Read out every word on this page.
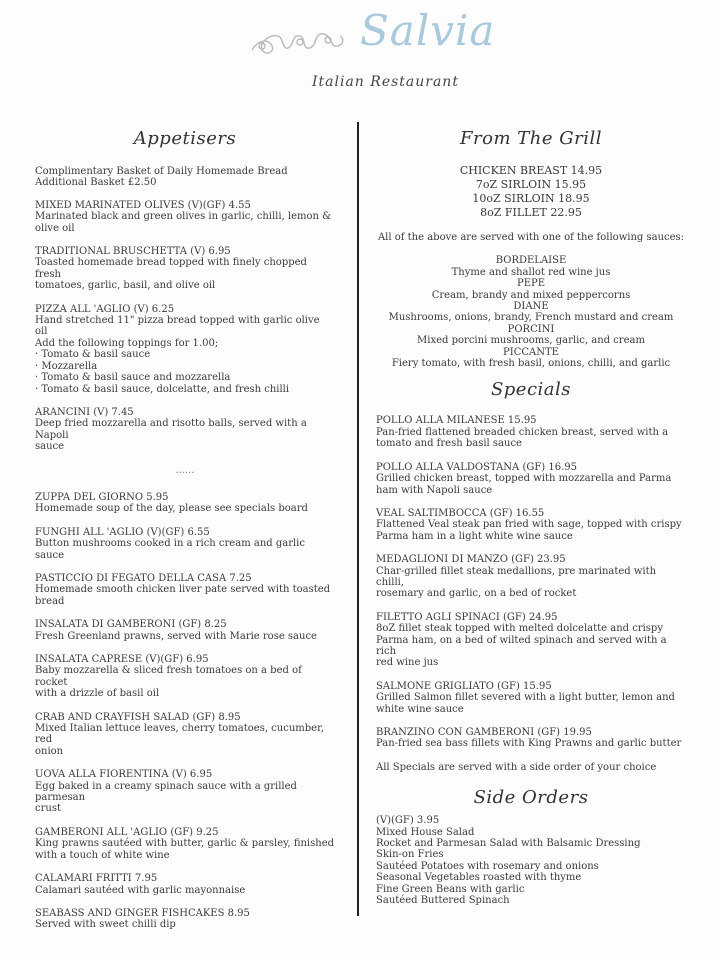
Salvia
Italian Restaurant
Appetisers
Complimentary Basket of Daily Homemade Bread
Additional Basket £2.50
MIXED MARINATED OLIVES (V)(GF) 4.55
Marinated black and green olives in garlic, chilli, lemon &
olive oil
TRADITIONAL BRUSCHETTA (V) 6.95
Toasted homemade bread topped with finely chopped fresh
tomatoes, garlic, basil, and olive oil
PIZZA ALL 'AGLIO (V) 6.25
Hand stretched 11" pizza bread topped with garlic olive oil
Add the following toppings for 1.00;
· Tomato & basil sauce
· Mozzarella
· Tomato & basil sauce and mozzarella
· Tomato & basil sauce, dolcelatte, and fresh chilli
ARANCINI (V) 7.45
Deep fried mozzarella and risotto balls, served with a Napoli
sauce
......
ZUPPA DEL GIORNO 5.95
Homemade soup of the day, please see specials board
FUNGHI ALL 'AGLIO (V)(GF) 6.55
Button mushrooms cooked in a rich cream and garlic sauce
PASTICCIO DI FEGATO DELLA CASA 7.25
Homemade smooth chicken liver pate served with toasted
bread
INSALATA DI GAMBERONI (GF) 8.25
Fresh Greenland prawns, served with Marie rose sauce
INSALATA CAPRESE (V)(GF) 6.95
Baby mozzarella & sliced fresh tomatoes on a bed of rocket
with a drizzle of basil oil
CRAB AND CRAYFISH SALAD (GF) 8.95
Mixed Italian lettuce leaves, cherry tomatoes, cucumber, red
onion
UOVA ALLA FIORENTINA (V) 6.95
Egg baked in a creamy spinach sauce with a grilled parmesan
crust
GAMBERONI ALL 'AGLIO (GF) 9.25
King prawns sautéed with butter, garlic & parsley, finished
with a touch of white wine
CALAMARI FRITTI 7.95
Calamari sautéed with garlic mayonnaise
SEABASS AND GINGER FISHCAKES 8.95
Served with sweet chilli dip
From The Grill
CHICKEN BREAST 14.95
7oZ SIRLOIN 15.95
10oZ SIRLOIN 18.95
8oZ FILLET 22.95
All of the above are served with one of the following sauces:
BORDELAISE
Thyme and shallot red wine jus
PEPE
Cream, brandy and mixed peppercorns
DIANE
Mushrooms, onions, brandy, French mustard and cream
PORCINI
Mixed porcini mushrooms, garlic, and cream
PICCANTE
Fiery tomato, with fresh basil, onions, chilli, and garlic
Specials
POLLO ALLA MILANESE 15.95
Pan-fried flattened breaded chicken breast, served with a
tomato and fresh basil sauce
POLLO ALLA VALDOSTANA (GF) 16.95
Grilled chicken breast, topped with mozzarella and Parma
ham with Napoli sauce
VEAL SALTIMBOCCA (GF) 16.55
Flattened Veal steak pan fried with sage, topped with crispy
Parma ham in a light white wine sauce
MEDAGLIONI DI MANZO (GF) 23.95
Char-grilled fillet steak medallions, pre marinated with chilli,
rosemary and garlic, on a bed of rocket
FILETTO AGLI SPINACI (GF) 24.95
8oZ fillet steak topped with melted dolcelatte and crispy
Parma ham, on a bed of wilted spinach and served with a rich
red wine jus
SALMONE GRIGLIATO (GF) 15.95
Grilled Salmon fillet severed with a light butter, lemon and
white wine sauce
BRANZINO CON GAMBERONI (GF) 19.95
Pan-fried sea bass fillets with King Prawns and garlic butter
All Specials are served with a side order of your choice
Side Orders
(V)(GF) 3.95
Mixed House Salad
Rocket and Parmesan Salad with Balsamic Dressing
Skin-on Fries
Sautéed Potatoes with rosemary and onions
Seasonal Vegetables roasted with thyme
Fine Green Beans with garlic
Sautéed Buttered Spinach
